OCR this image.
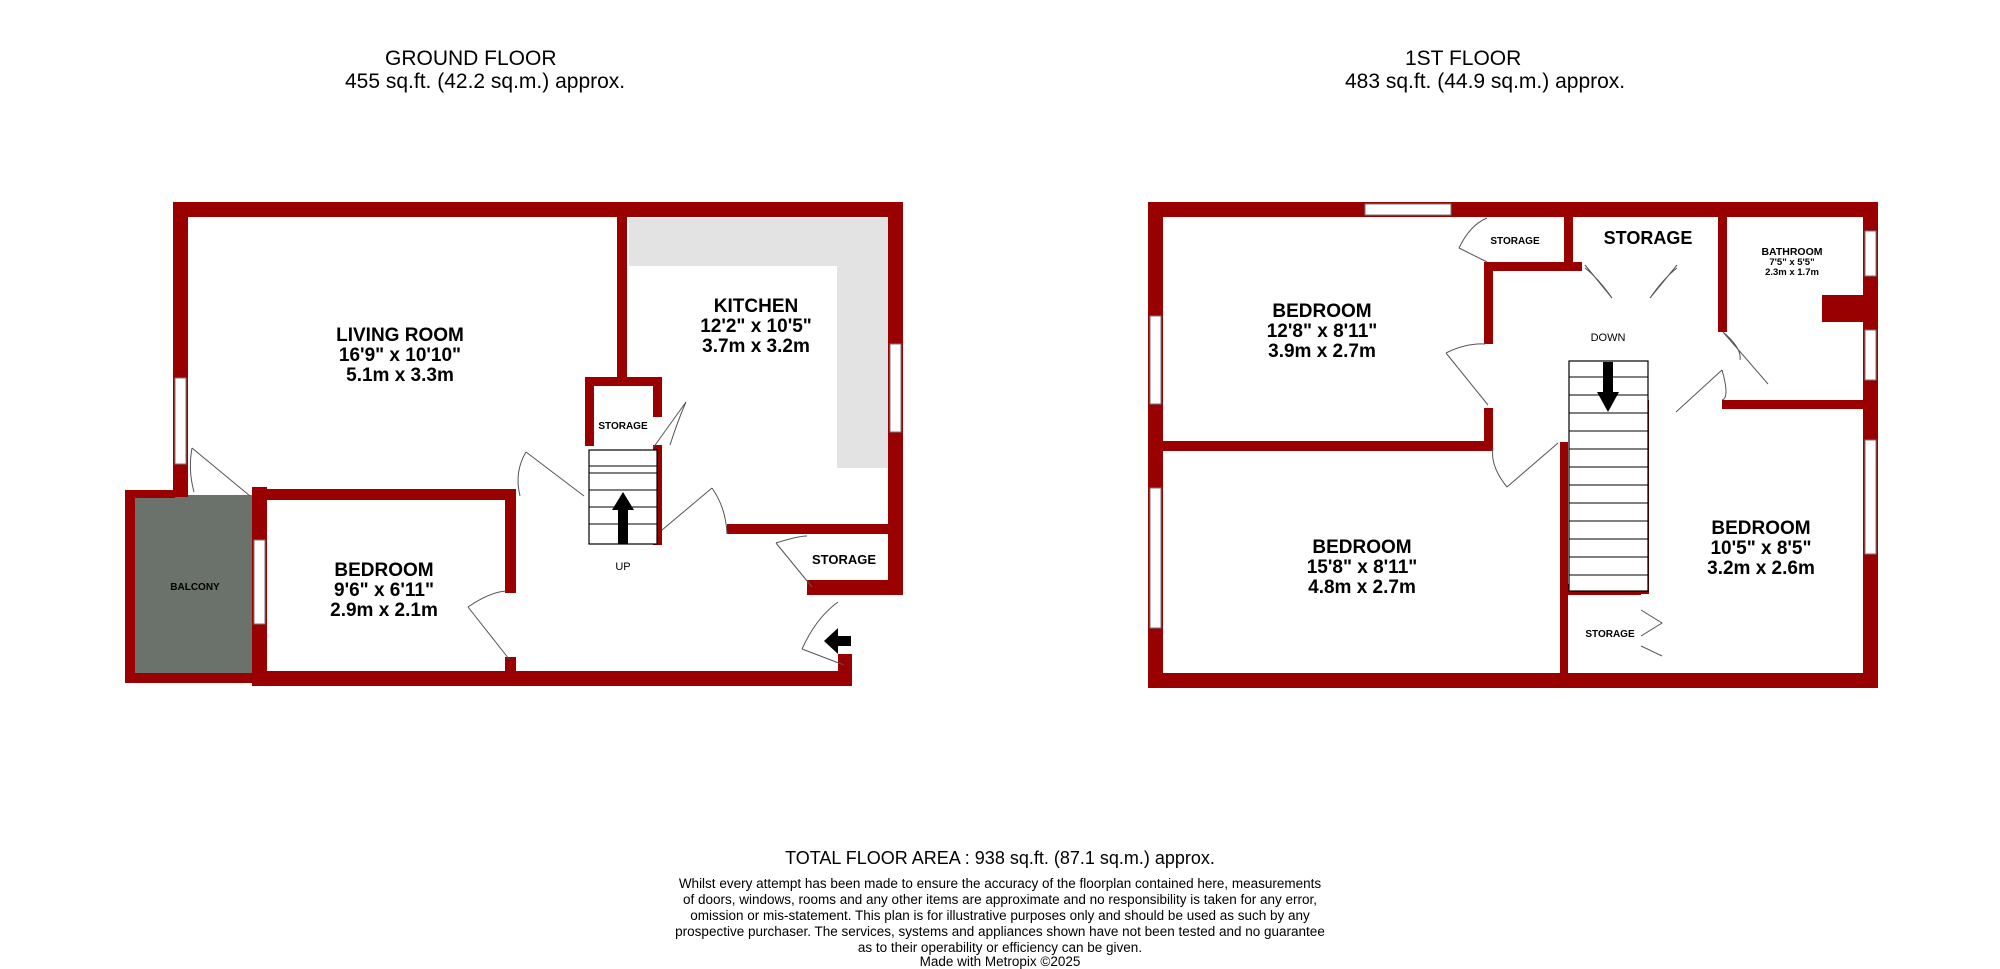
GROUND FLOOR
455 sq.ft. (42.2 sq.m.) approx.
1ST FLOOR
483 sq.ft. (44.9 sq.m.) approx.
LIVING ROOM
16'9" x 10'10"
5.1m x 3.3m
KITCHEN
12'2" x 10'5"
3.7m x 3.2m
BEDROOM
9'6" x 6'11"
2.9m x 2.1m
BALCONY
STORAGE
STORAGE
UP
BEDROOM
12'8" x 8'11"
3.9m x 2.7m
BEDROOM
15'8" x 8'11"
4.8m x 2.7m
BEDROOM
10'5" x 8'5"
3.2m x 2.6m
BATHROOM
7'5" x 5'5"
2.3m x 1.7m
STORAGE	STORAGE
STORAGE
DOWN
TOTAL FLOOR AREA : 938 sq.ft. (87.1 sq.m.) approx.
Whilst every attempt has been made to ensure the accuracy of the floorplan contained here, measurements
of doors, windows, rooms and any other items are approximate and no responsibility is taken for any error,
omission or mis-statement. This plan is for illustrative purposes only and should be used as such by any
prospective purchaser. The services, systems and appliances shown have not been tested and no guarantee
as to their operability or efficiency can be given.
Made with Metropix ©2025
